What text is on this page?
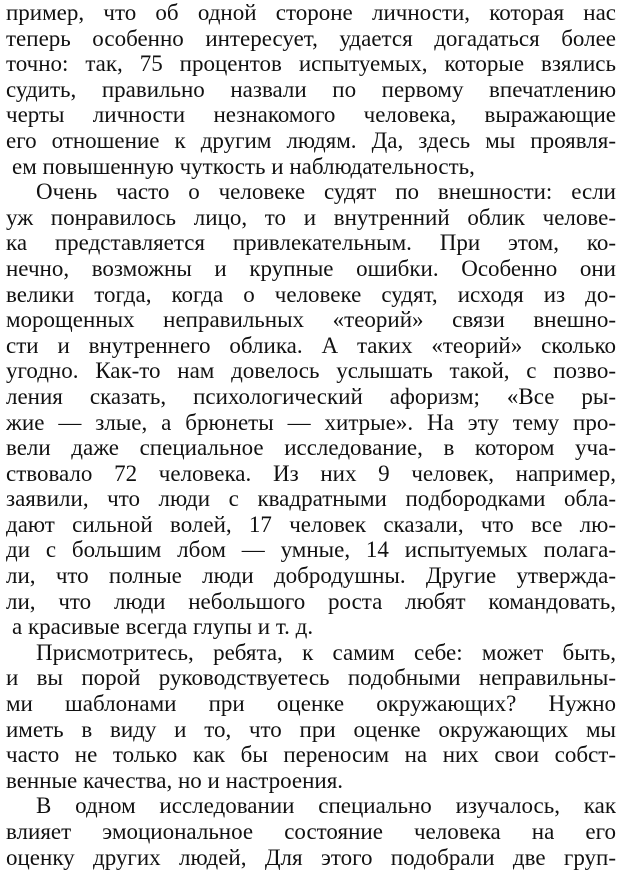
пример, что об одной стороне личности, которая нас
теперь особенно интересует, удается догадаться более
точно: так, 75 процентов испытуемых, которые взялись
судить, правильно назвали по первому впечатлению
черты личности незнакомого человека, выражающие
его отношение к другим людям. Да, здесь мы проявля-
ем повышенную чуткость и наблюдательность,
Очень часто о человеке судят по внешности: если
уж понравилось лицо, то и внутренний облик челове-
ка представляется привлекательным. При этом, ко-
нечно, возможны и крупные ошибки. Особенно они
велики тогда, когда о человеке судят, исходя из до-
морощенных неправильных «теорий» связи внешно-
сти и внутреннего облика. А таких «теорий» сколько
угодно. Как-то нам довелось услышать такой, с позво-
ления сказать, психологический афоризм; «Все ры-
жие — злые, а брюнеты — хитрые». На эту тему про-
вели даже специальное исследование, в котором уча-
ствовало 72 человека. Из них 9 человек, например,
заявили, что люди с квадратными подбородками обла-
дают сильной волей, 17 человек сказали, что все лю-
ди с большим лбом — умные, 14 испытуемых полага-
ли, что полные люди добродушны. Другие утвержда-
ли, что люди небольшого роста любят командовать,
а красивые всегда глупы и т. д.
Присмотритесь, ребята, к самим себе: может быть,
и вы порой руководствуетесь подобными неправильны-
ми шаблонами при оценке окружающих? Нужно
иметь в виду и то, что при оценке окружающих мы
часто не только как бы переносим на них свои собст-
венные качества, но и настроения.
В одном исследовании специально изучалось, как
влияет эмоциональное состояние человека на его
оценку других людей, Для этого подобрали две груп-
